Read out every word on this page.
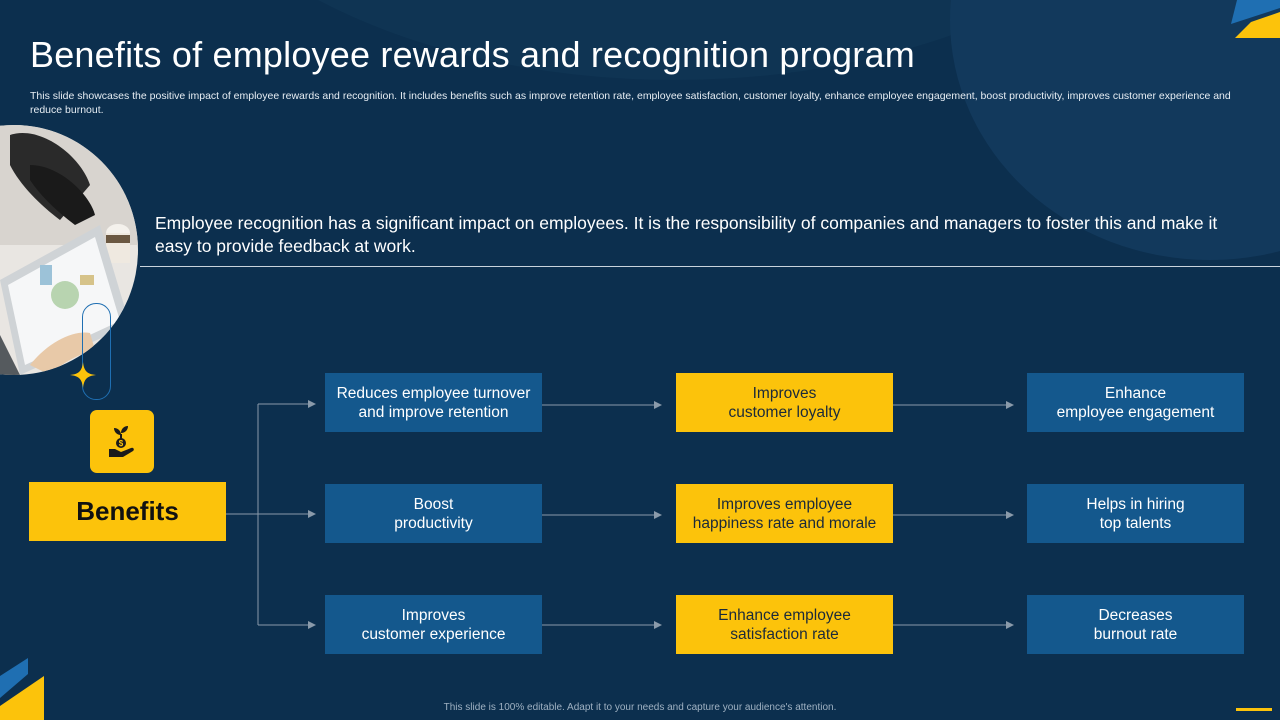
Benefits of employee rewards and recognition program

This slide showcases the positive impact of employee rewards and recognition. It includes benefits such as improve retention rate, employee satisfaction, customer loyalty, enhance employee engagement, boost productivity, improves customer experience and reduce burnout.

Employee recognition has a significant impact on employees. It is the responsibility of companies and managers to foster this and make it easy to provide feedback at work.

$
Benefits
Reduces employee turnover
and improve retention
Improves
customer loyalty
Enhance
employee engagement
Boost
productivity
Improves employee
happiness rate and morale
Helps in hiring
top talents
Improves
customer experience
Enhance employee
satisfaction rate
Decreases
burnout rate
This slide is 100% editable. Adapt it to your needs and capture your audience's attention.
